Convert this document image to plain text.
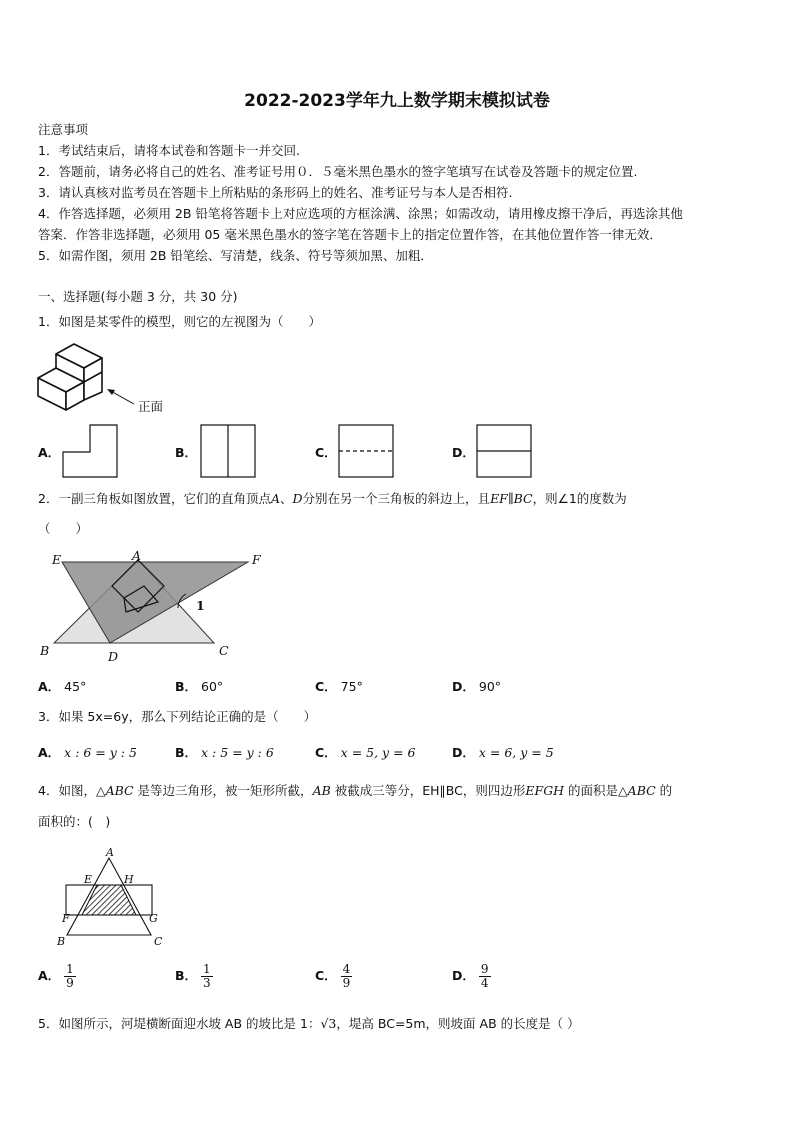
2022-2023学年九上数学期末模拟试卷
注意事项
1．考试结束后，请将本试卷和答题卡一并交回.
2．答题前，请务必将自己的姓名、准考证号用０．５毫米黑色墨水的签字笔填写在试卷及答题卡的规定位置.
3．请认真核对监考员在答题卡上所粘贴的条形码上的姓名、准考证号与本人是否相符.
4．作答选择题，必须用 2B 铅笔将答题卡上对应选项的方框涂满、涂黑；如需改动，请用橡皮擦干净后，再选涂其他
答案．作答非选择题，必须用 05 毫米黑色墨水的签字笔在答题卡上的指定位置作答，在其他位置作答一律无效．
5．如需作图，须用 2B 铅笔绘、写清楚，线条、符号等须加黑、加粗．
一、选择题(每小题 3 分，共 30 分)
1．如图是某零件的模型，则它的左视图为（　　）
正面
A．	B．	C．	D．
2．一副三角板如图放置，它们的直角顶点A、D分别在另一个三角板的斜边上，且EF∥BC，则∠1的度数为
（　　）
E	A	F
1
B	D	C
A． 45°	B． 60°	C． 75°	D． 90°
3．如果 5x=6y，那么下列结论正确的是（　　）
A． x : 6 = y : 5	B． x : 5 = y : 6	C． x = 5, y = 6	D． x = 6, y = 5
4．如图，△ABC 是等边三角形，被一矩形所截，AB 被截成三等分，EH∥BC，则四边形EFGH 的面积是△ABC 的
面积的：(　)
A
E	H
F	G
B	C
A． $\frac{1}{9}$	B． $\frac{1}{3}$	C． $\frac{4}{9}$	D． $\frac{9}{4}$
5．如图所示，河堤横断面迎水坡 AB 的坡比是 1：√3，堤高 BC=5m，则坡面 AB 的长度是（ ）
